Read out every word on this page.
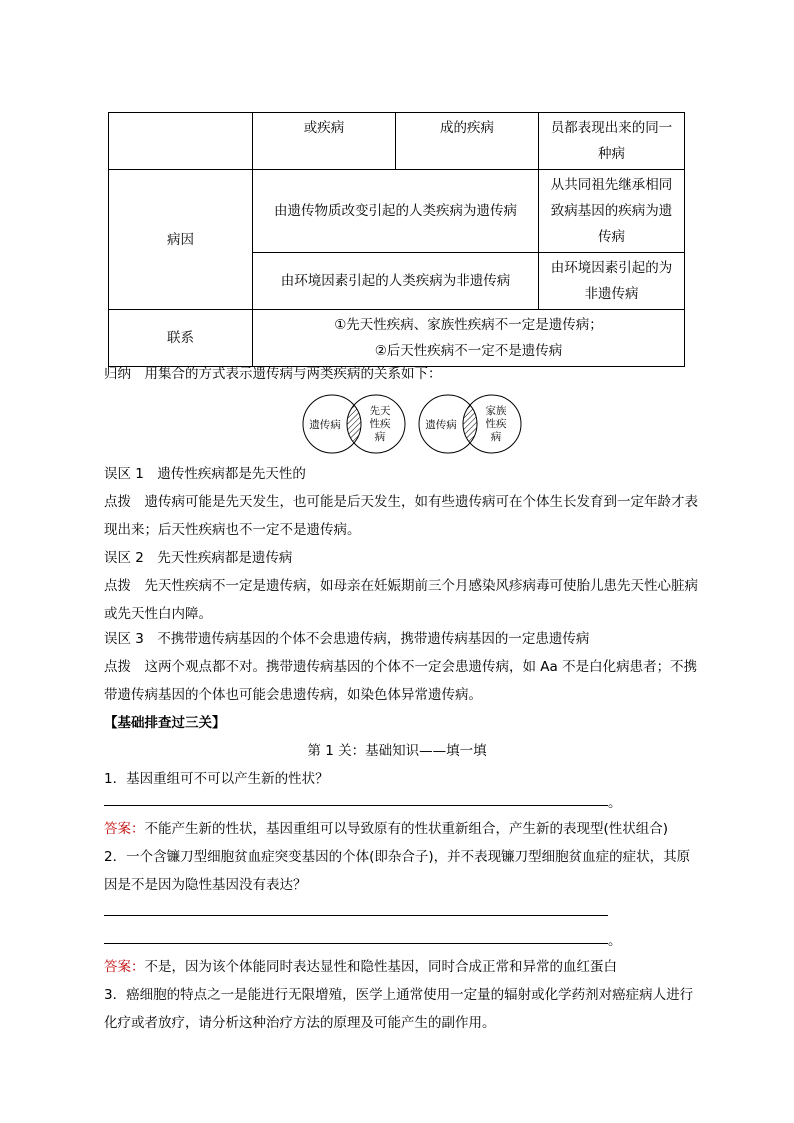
	或疾病	成的疾病	员都表现出来的同一
种病

病因	由遗传物质改变引起的人类疾病为遗传病		从共同祖先继承相同
致病基因的疾病为遗
传病

	由环境因素引起的人类疾病为非遗传病		由环境因素引起的为
非遗传病

联系	①先天性疾病、家族性疾病不一定是遗传病；
②后天性疾病不一定不是遗传病		
归纳　用集合的方式表示遗传病与两类疾病的关系如下：
遗传病
先天
性疾
病
遗传病
家族
性疾
病
误区 1　遗传性疾病都是先天性的
点拨　遗传病可能是先天发生，也可能是后天发生，如有些遗传病可在个体生长发育到一定年龄才表
现出来；后天性疾病也不一定不是遗传病。
误区 2　先天性疾病都是遗传病
点拨　先天性疾病不一定是遗传病，如母亲在妊娠期前三个月感染风疹病毒可使胎儿患先天性心脏病
或先天性白内障。
误区 3　不携带遗传病基因的个体不会患遗传病，携带遗传病基因的一定患遗传病
点拨　这两个观点都不对。携带遗传病基因的个体不一定会患遗传病，如 Aa 不是白化病患者；不携
带遗传病基因的个体也可能会患遗传病，如染色体异常遗传病。
【基础排查过三关】
第 1 关：基础知识——填一填
1．基因重组可不可以产生新的性状？
。
答案：不能产生新的性状，基因重组可以导致原有的性状重新组合，产生新的表现型(性状组合)
2．一个含镰刀型细胞贫血症突变基因的个体(即杂合子)，并不表现镰刀型细胞贫血症的症状，其原
因是不是因为隐性基因没有表达？
。
答案：不是，因为该个体能同时表达显性和隐性基因，同时合成正常和异常的血红蛋白
3．癌细胞的特点之一是能进行无限增殖，医学上通常使用一定量的辐射或化学药剂对癌症病人进行
化疗或者放疗，请分析这种治疗方法的原理及可能产生的副作用。
